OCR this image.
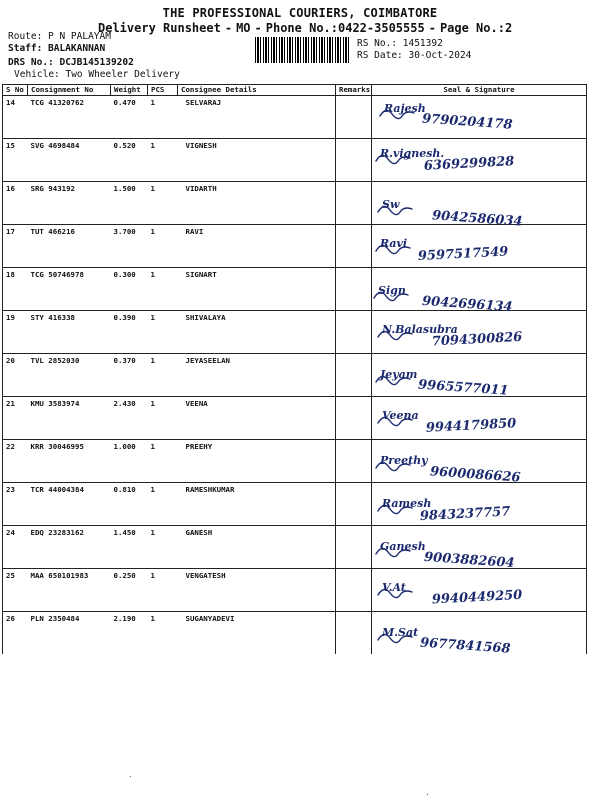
THE PROFESSIONAL COURIERS, COIMBATORE
Delivery Runsheet - MO - Phone No.:0422-3505555 - Page No.:2
Route: P N PALAYAM
Staff: BALAKANNAN
DRS No.: DCJB145139202
Vehicle: Two Wheeler Delivery
RS No.: 1451392
RS Date: 30-Oct-2024
S No	Consignment No	Weight	PCS	Consignee Details	Remarks	Seal & Signature
14	TCG 41320762	0.470	1	SELVARAJ		Rajesh
9790204178

15	SVG 4698484	0.520	1	VIGNESH		R.vignesh.
6369299828

16	SRG 943192	1.500	1	VIDARTH		Sw
9042586034

17	TUT 466216	3.700	1	RAVI		Ravi
9597517549

18	TCG 50746978	0.300	1	SIGNART		Sign
9042696134

19	STY 416338	0.390	1	SHIVALAYA		N.Balasubra
7094300826

20	TVL 2852030	0.370	1	JEYASEELAN		Jeyam
9965577011

21	KMU 3583974	2.430	1	VEENA		Veena
9944179850

22	KRR 30046995	1.000	1	PREEHY		Preethy
9600086626

23	TCR 44004384	0.810	1	RAMESHKUMAR		Ramesh
9843237757

24	EDQ 23283162	1.450	1	GANESH		Ganesh
9003882604

25	MAA 650101983	0.250	1	VENGATESH		V.At
9940449250

26	PLN 2350484	2.190	1	SUGANYADEVI		M.Sat
9677841568
·
·
